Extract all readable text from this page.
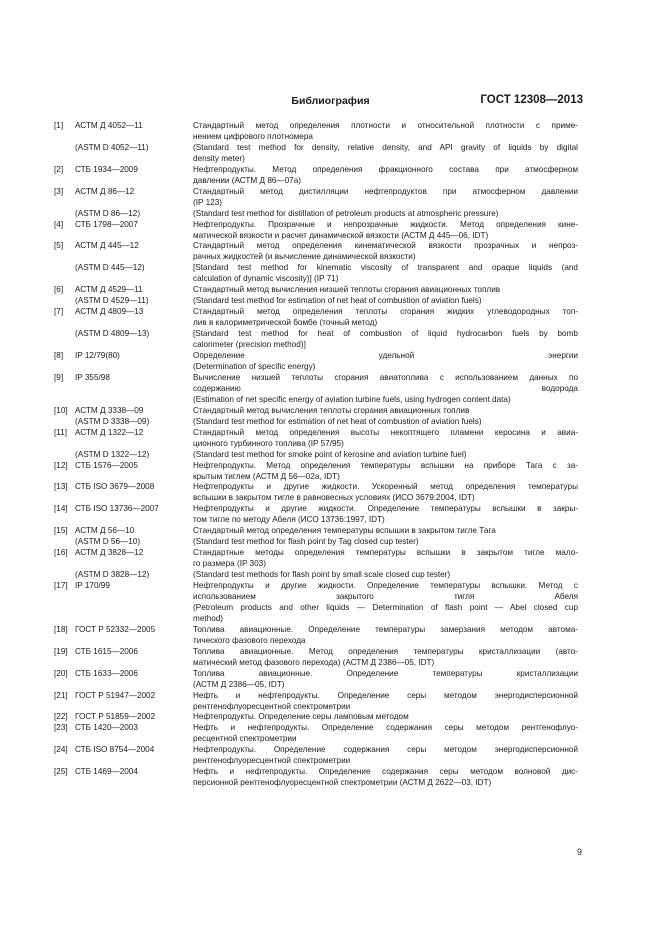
ГОСТ 12308—2013
Библиография
[1]	АСТМ Д 4052—11	Стандартный метод определения плотности и относительной плотности с приме-
нением цифрового плотномера
(ASTM D 4052—11)	(Standard test method for density, relative density, and API gravity of liquids by digital
density meter)
[2]	СТБ 1934—2009	Нефтепродукты. Метод определения фракционного состава при атмосферном
давлении (АСТМ Д 86—07а)
[3]	АСТМ Д 86—12	Стандартный метод дистилляции нефтепродуктов при атмосферном давлении
(IP 123)
(ASTM D 86—12)	(Standard test method for distillation of petroleum products at atmospheric pressure)
[4]	СТБ 1798—2007	Нефтепродукты. Прозрачные и непрозрачные жидкости. Метод определения кине-
матической вязкости и расчет динамической вязкости (АСТМ Д 445—06, IDT)
[5]	АСТМ Д 445—12	Стандартный метод определения кинематической вязкости прозрачных и непроз-
рачных жидкостей (и вычисление динамической вязкости)
(ASTM D 445—12)	[Standard test method for kinematic viscosity of transparent and opaque liquids (and
calculation of dynamic viscosity)] (IP 71)
[6]	АСТМ Д 4529—11	Стандартный метод вычисления низшей теплоты сгорания авиационных топлив
(ASTM D 4529—11)	(Standard test method for estimation of net heat of combustion of aviation fuels)
[7]	АСТМ Д 4809—13	Стандартный метод определения теплоты сгорания жидких углеводородных топ-
лив в калориметрической бомбе (точный метод)
(ASTM D 4809—13)	[Standard test method for heat of combustion of liquid hydrocarbon fuels by bomb
calorimeter (precision method)]
[8]	IP 12/79(80)	Определение удельной энергии
(Determination of specific energy)
[9]	IP 355/98	Вычисление низшей теплоты сгорания авиатоплива с использованием данных по
содержанию водорода
(Estimation of net specific energy of aviation turbine fuels, using hydrogen content data)
[10] АСТМ Д 3338—09	Стандартный метод вычисления теплоты сгорания авиационных топлив
(ASTM D 3338—09)	(Standard test method for estimation of net heat of combustion of aviation fuels)
[11] АСТМ Д 1322—12	Стандартный метод определения высоты некоптящего пламени керосина и авиа-
ционного турбинного топлива (IP 57/95)
(ASTM D 1322—12)	(Standard test method for smoke point of kerosine and aviation turbine fuel)
[12] СТБ 1576—2005	Нефтепродукты. Метод определения температуры вспышки на приборе Тага с за-
крытым тиглем (АСТМ Д 56—02а, IDT)
[13] СТБ ISO 3679—2008	Нефтепродукты и другие жидкости. Ускоренный метод определения температуры
вспышки в закрытом тигле в равновесных условиях (ИСО 3679:2004, IDT)
[14] СТБ ISO 13736—2007	Нефтепродукты и другие жидкости. Определение температуры вспышки в закры-
том тигле по методу Абеля (ИСО 13736:1997, IDT)
[15] АСТМ Д 56—10	Стандартный метод определения температуры вспышки в закрытом тигле Тага
(ASTM D 56—10)	(Standard test method for flash point by Tag closed cup tester)
[16] АСТМ Д 3828—12	Стандартные методы определения температуры вспышки в закрытом тигле мало-
го размера (IP 303)
(ASTM D 3828—12)	(Standard test methods for flash point by small scale closed cup tester)
[17] IP 170/99	Нефтепродукты и другие жидкости. Определение температуры вспышки. Метод с
использованием закрытого тигля Абеля
(Petroleum products and other liquids — Determination of flash point — Abel closed cup
method)
[18] ГОСТ Р 52332—2005	Топлива авиационные. Определение температуры замерзания методом автома-
тического фазового перехода
[19] СТБ 1615—2006	Топлива авиационные. Метод определения температуры кристаллизации (авто-
матический метод фазового перехода) (АСТМ Д 2386—05, IDT)
[20] СТБ 1633—2006	Топлива авиационные. Определение температуры кристаллизации
(АСТМ Д 2386—05, IDT)
[21] ГОСТ Р 51947—2002	Нефть и нефтепродукты. Определение серы методом энергодисперсионной
рентгенофлуоресцентной спектрометрии
[22] ГОСТ Р 51859—2002	Нефтепродукты. Определение серы ламповым методом
[23] СТБ 1420—2003	Нефть и нефтепродукты. Определение содержания серы методом рентгенофлуо-
ресцентной спектрометрии
[24] СТБ ISO 8754—2004	Нефтепродукты. Определение содержания серы методом энергодисперсионной
рентгенофлуоресцентной спектрометрии
[25] СТБ 1469—2004	Нефть и нефтепродукты. Определение содержания серы методом волновой дис-
персионной рентгенофлуоресцентной спектрометрии (АСТМ Д 2622—03, IDT)
9
